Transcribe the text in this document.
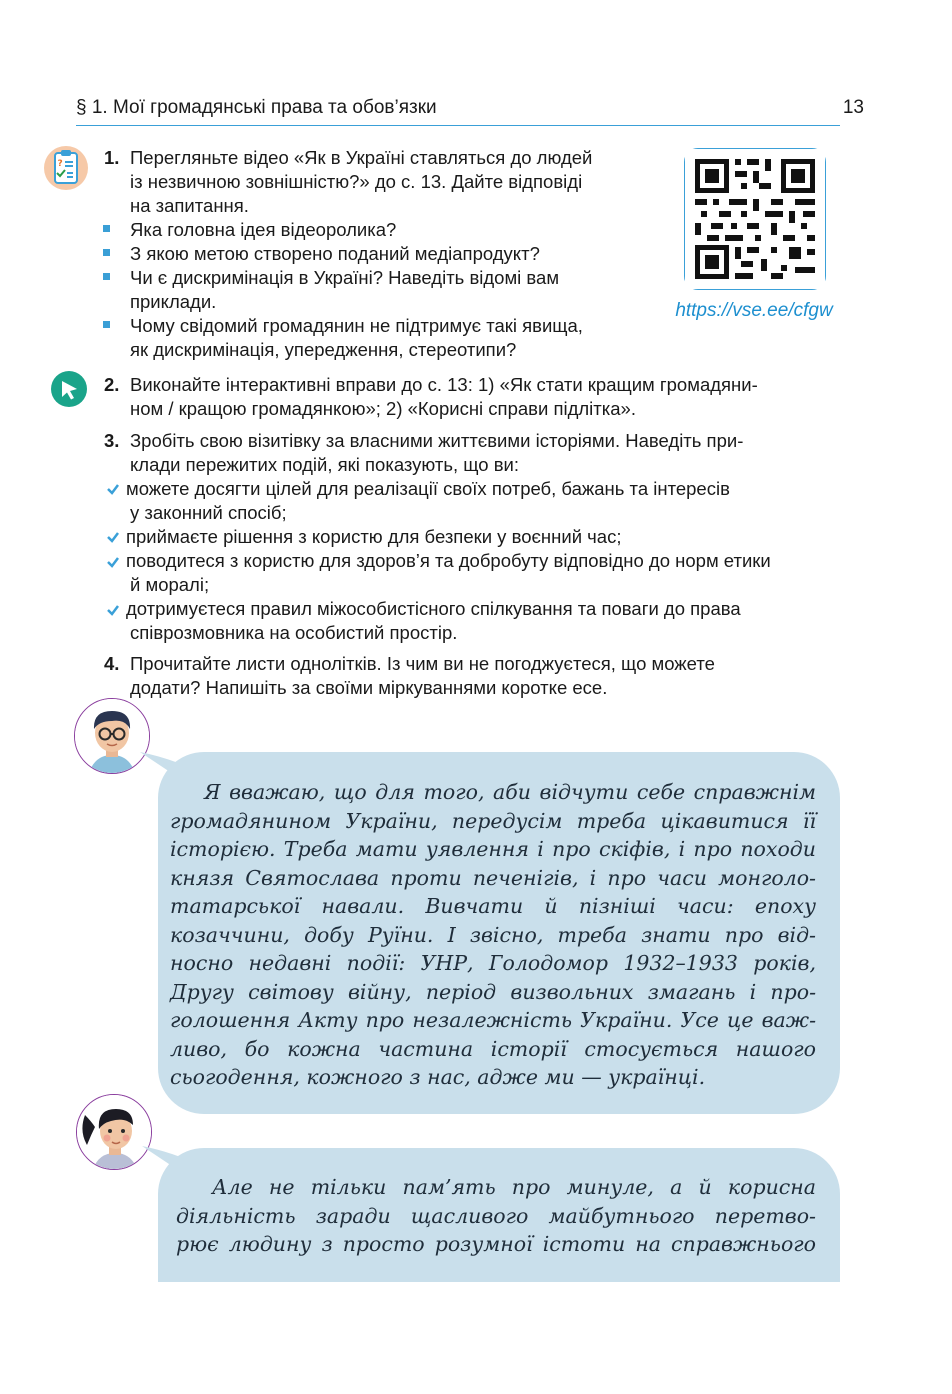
§ 1. Мої громадянські права та обов’язки	13
? 1. Перегляньте відео «Як в Україні ставляться до людей
із незвичною зовнішністю?» до с. 13. Дайте відповіді
на запитання.
Яка головна ідея відеоролика?
З якою метою створено поданий медіапродукт?
Чи є дискримінація в Україні? Наведіть відомі вам
приклади.
Чому свідомий громадянин не підтримує такі явища,
як дискримінація, упередження, стереотипи?
https://vse.ee/cfgw
2. Виконайте інтерактивні вправи до с. 13: 1) «Як стати кращим громадяни-
ном / кращою громадянкою»; 2) «Корисні справи підлітка».
3. Зробіть свою візитівку за власними життєвими історіями. Наведіть при-
клади пережитих подій, які показують, що ви:
можете досягти цілей для реалізації своїх потреб, бажань та інтересів
у законний спосіб;
приймаєте рішення з користю для безпеки у воєнний час;
поводитеся з користю для здоров’я та добробуту відповідно до норм етики
й моралі;
дотримуєтеся правил міжособистісного спілкування та поваги до права
співрозмовника на особистий простір.
4. Прочитайте листи однолітків. Із чим ви не погоджуєтеся, що можете
додати? Напишіть за своїми міркуваннями коротке есе.
Я вважаю, що для того, аби відчути себе справжнім
громадянином України, передусім треба цікавитися її
історією. Треба мати уявлення і про скіфів, і про походи
князя Святослава проти печенігів, і про часи монголо-
татарської навали. Вивчати й пізніші часи: епоху
козаччини, добу Руїни. І звісно, треба знати про від-
носно недавні події: УНР, Голодомор 1932–1933 років,
Другу світову війну, період визвольних змагань і про-
голошення Акту про незалежність України. Усе це важ-
ливо, бо кожна частина історії стосується нашого
сьогодення, кожного з нас, адже ми — українці.
Але не тільки пам’ять про минуле, а й корисна
діяльність заради щасливого майбутнього перетво-
рює людину з просто розумної істоти на справжнього
